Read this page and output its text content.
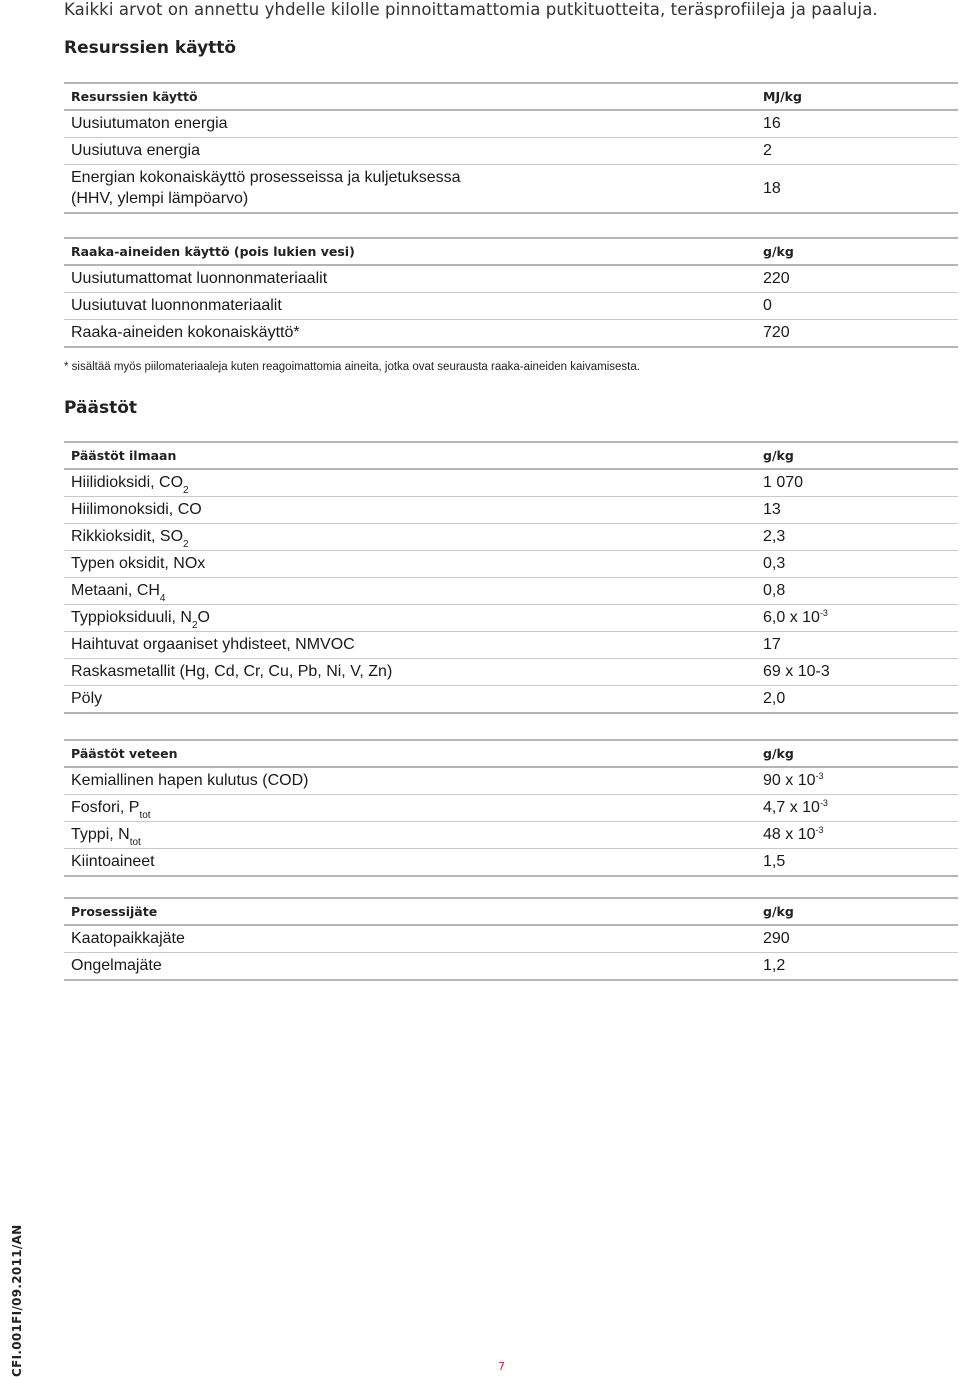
Kaikki arvot on annettu yhdelle kilolle pinnoittamattomia putkituotteita, teräsprofiileja ja paaluja.
Resurssien käyttö
Resurssien käyttö	MJ/kg
Uusiutumaton energia	16
Uusiutuva energia	2
Energian kokonaiskäyttö prosesseissa ja kuljetuksessa
(HHV, ylempi lämpöarvo)	18
Raaka-aineiden käyttö (pois lukien vesi)	g/kg
Uusiutumattomat luonnonmateriaalit	220
Uusiutuvat luonnonmateriaalit	0
Raaka-aineiden kokonaiskäyttö*	720
* sisältää myös piilomateriaaleja kuten reagoimattomia aineita, jotka ovat seurausta raaka-aineiden kaivamisesta.
Päästöt
Päästöt ilmaan	g/kg
Hiilidioksidi, $CO_2$	1 070
Hiilimonoksidi, CO	13
Rikkioksidit, $SO_2$	2,3
Typen oksidit, NOx	0,3
Metaani, $CH_4$	0,8
Typpioksiduuli, $N_2O$	6,0 x $10^{-3}$
Haihtuvat orgaaniset yhdisteet, NMVOC	17
Raskasmetallit (Hg, Cd, Cr, Cu, Pb, Ni, V, Zn)	69 x 10-3
Pöly	2,0
Päästöt veteen	g/kg
Kemiallinen hapen kulutus (COD)	90 x $10^{-3}$
Fosfori, $P_{tot}$	4,7 x $10^{-3}$
Typpi, $N_{tot}$	48 x $10^{-3}$
Kiintoaineet	1,5
Prosessijäte	g/kg
Kaatopaikkajäte	290
Ongelmajäte	1,2
CFI.001FI/09.2011/AN	7
